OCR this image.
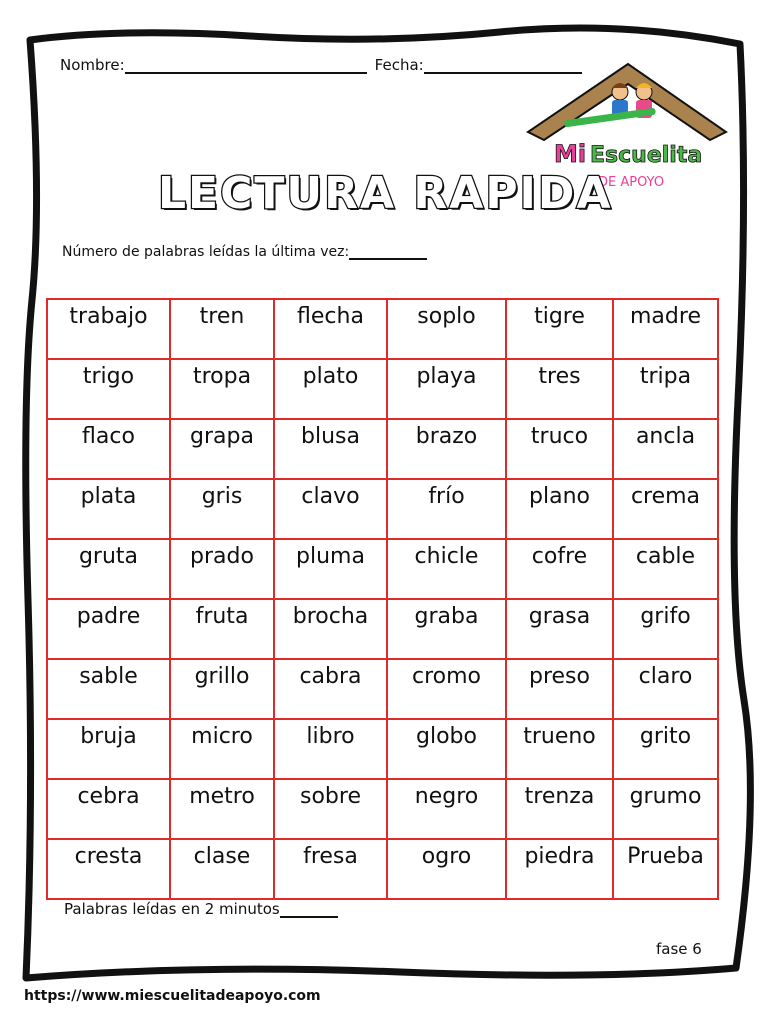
Nombre:	Fecha:
Mi Escuelita
DE APOYO
LECTURA RAPIDA
Número de palabras leídas la última vez:
trabajo	tren	flecha	soplo	tigre	madre
trigo	tropa	plato	playa	tres	tripa
flaco	grapa	blusa	brazo	truco	ancla
plata	gris	clavo	frío	plano	crema
gruta	prado	pluma	chicle	cofre	cable
padre	fruta	brocha	graba	grasa	grifo
sable	grillo	cabra	cromo	preso	claro
bruja	micro	libro	globo	trueno	grito
cebra	metro	sobre	negro	trenza	grumo
cresta	clase	fresa	ogro	piedra	Prueba
Palabras leídas en 2 minutos
fase 6
https://www.miescuelitadeapoyo.com
